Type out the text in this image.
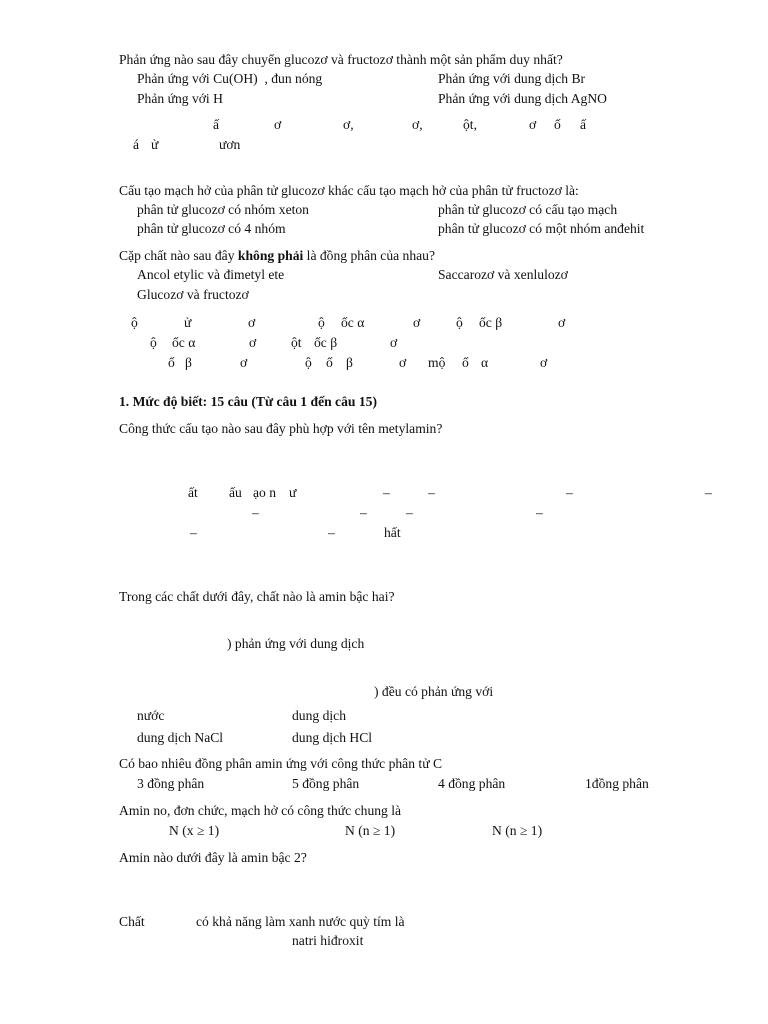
Phản ứng nào sau đây chuyển glucozơ và fructozơ thành một sản phẩm duy nhất?
Phản ứng với Cu(OH)  , đun nóng	Phản ứng với dung dịch Br
Phản ứng với H	Phản ứng với dung dịch AgNO
ấ	ơ	ơ,	ơ,	ột,	ơ ố ấ
á ử	ươn
Cấu tạo mạch hở của phân tử glucozơ khác cấu tạo mạch hở của phân tử fructozơ là:
phân tử glucozơ có nhóm xeton	phân tử glucozơ có cấu tạo mạch
phân tử glucozơ có 4 nhóm	phân tử glucozơ có một nhóm anđehit
Cặp chất nào sau đây không phải là đồng phân của nhau?
Ancol etylic và đimetyl ete	Saccarozơ và xenlulozơ
Glucozơ và fructozơ
ộ	ử	ơ	ộ ốc α	ơ	ộ ốc β	ơ
ộ ốc α	ơ	ột ốc β	ơ
ố β	ơ	ộ ố β	ơ mộ ố α	ơ
1. Mức độ biết: 15 câu (Từ câu 1 đến câu 15)
Công thức cấu tạo nào sau đây phù hợp với tên metylamin?
ất ấu ạo n ư	–	–	–	–
–	–	–	–
–	–	hất
Trong các chất dưới đây, chất nào là amin bậc hai?
) phản ứng với dung dịch
) đều có phản ứng với
nước	dung dịch
dung dịch NaCl	dung dịch HCl
Có bao nhiêu đồng phân amin ứng với công thức phân tử C
3 đồng phân	5 đồng phân	4 đồng phân	1đồng phân
Amin no, đơn chức, mạch hở có công thức chung là
N (x ≥ 1)	N (n ≥ 1)	N (n ≥ 1)
Amin nào dưới đây là amin bậc 2?
Chất	có khả năng làm xanh nước quỳ tím là
natri hiđroxit
